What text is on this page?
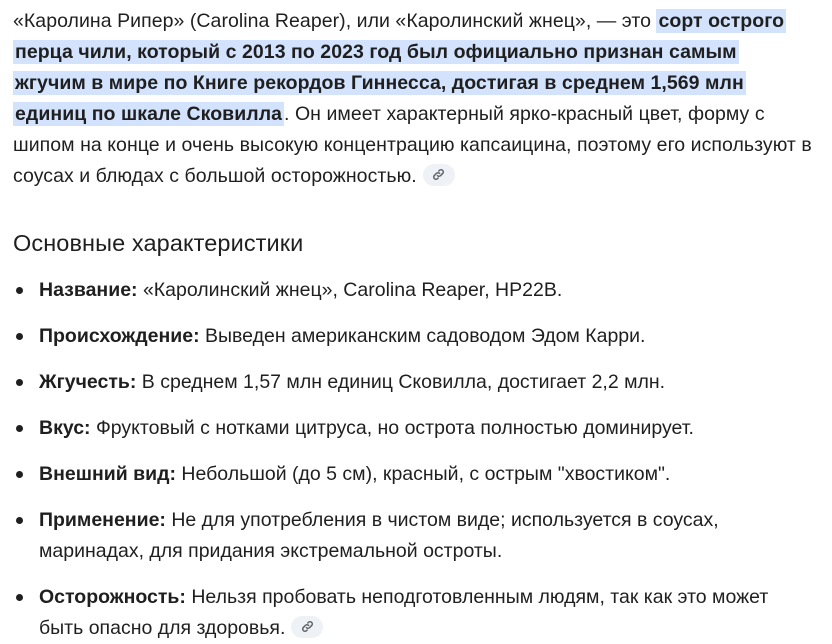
«Каролина Рипер» (Carolina Reaper), или «Каролинский жнец», — это сорт острого перца чили, который с 2013 по 2023 год был официально признан самым жгучим в мире по Книге рекордов Гиннесса, достигая в среднем 1,569 млн единиц по шкале Сковилла . Он имеет характерный ярко-красный цвет, форму с шипом на конце и очень высокую концентрацию капсаицина, поэтому его используют в соусах и блюдах с большой осторожностью.

Основные характеристики
Название: «Каролинский жнец», Carolina Reaper, HP22B.
Происхождение: Выведен американским садоводом Эдом Карри.
Жгучесть: В среднем 1,57 млн единиц Сковилла, достигает 2,2 млн.
Вкус: Фруктовый с нотками цитруса, но острота полностью доминирует.
Внешний вид: Небольшой (до 5 см), красный, с острым "хвостиком".
Применение: Не для употребления в чистом виде; используется в соусах, маринадах, для придания экстремальной остроты.
Осторожность: Нельзя пробовать неподготовленным людям, так как это может быть опасно для здоровья.
